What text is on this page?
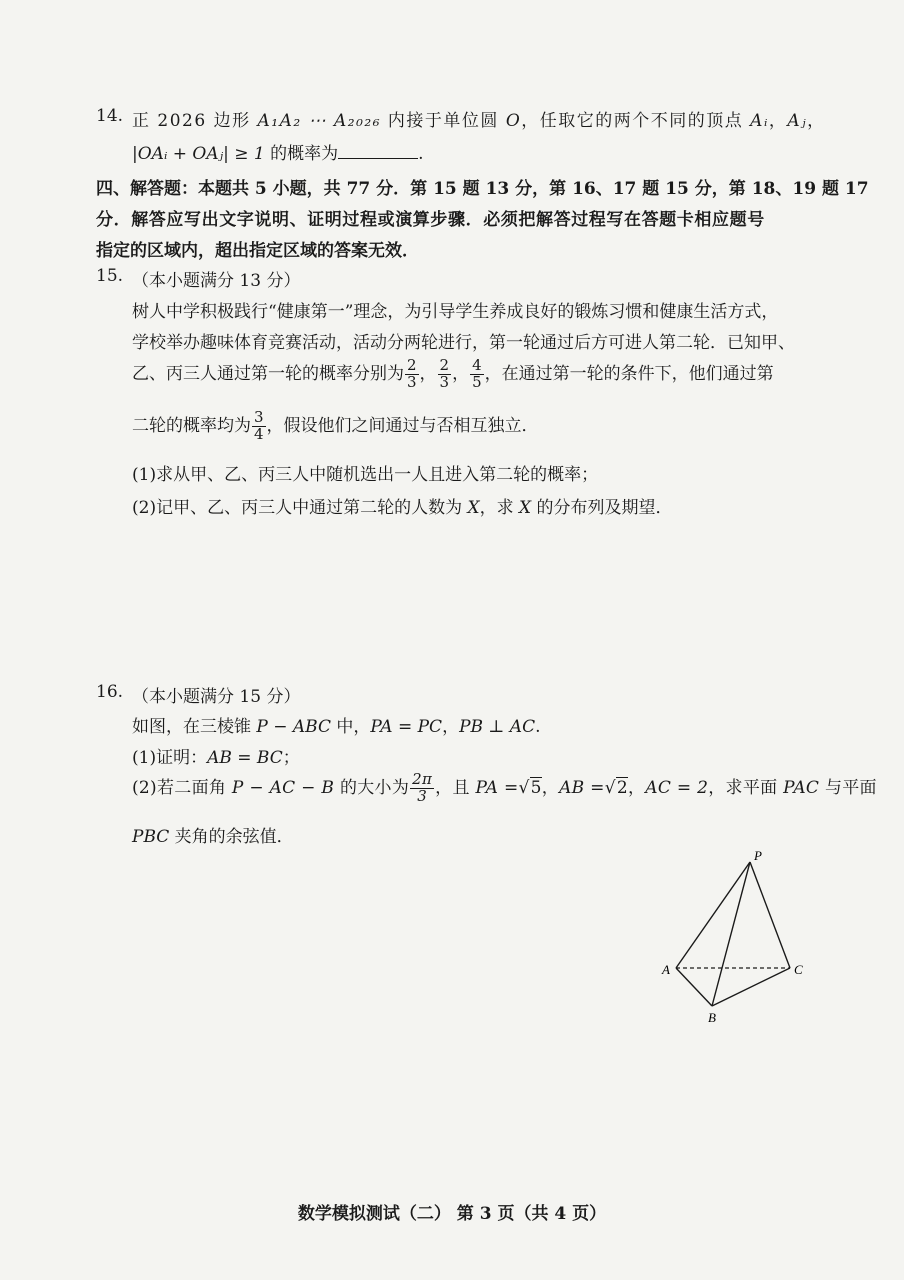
14. 正 2026 边形 A₁A₂ ⋯ A₂₀₂₆ 内接于单位圆 O，任取它的两个不同的顶点 Aᵢ，Aⱼ，
|OAᵢ + OAⱼ| ≥ 1 的概率为	.
四、解答题：本题共 5 小题，共 77 分．第 15 题 13 分，第 16、17 题 15 分，第 18、19 题 17
分．解答应写出文字说明、证明过程或演算步骤．必须把解答过程写在答题卡相应题号
指定的区域内，超出指定区域的答案无效．
15. （本小题满分 13 分）
树人中学积极践行“健康第一”理念，为引导学生养成良好的锻炼习惯和健康生活方式，
学校举办趣味体育竞赛活动，活动分两轮进行，第一轮通过后方可进人第二轮．已知甲、
乙、丙三人通过第一轮的概率分别为 $\frac{2}{3}$ ， $\frac{2}{3}$ ， $\frac{4}{5}$ ，在通过第一轮的条件下，他们通过第
二轮的概率均为 $\frac{3}{4}$ ，假设他们之间通过与否相互独立．
(1)求从甲、乙、丙三人中随机选出一人且进入第二轮的概率；
(2)记甲、乙、丙三人中通过第二轮的人数为 X，求 X 的分布列及期望．
16. （本小题满分 15 分）
如图，在三棱锥 P − ABC 中，PA = PC，PB ⊥ AC.
(1)证明：AB = BC；
(2)若二面角 P − AC − B 的大小为 $\frac{2\pi}{3}$ ，且 PA =√5，AB =√2，AC = 2，求平面 PAC 与平面
PBC 夹角的余弦值．
P
A	C
B
数学模拟测试（二） 第 3 页（共 4 页）
